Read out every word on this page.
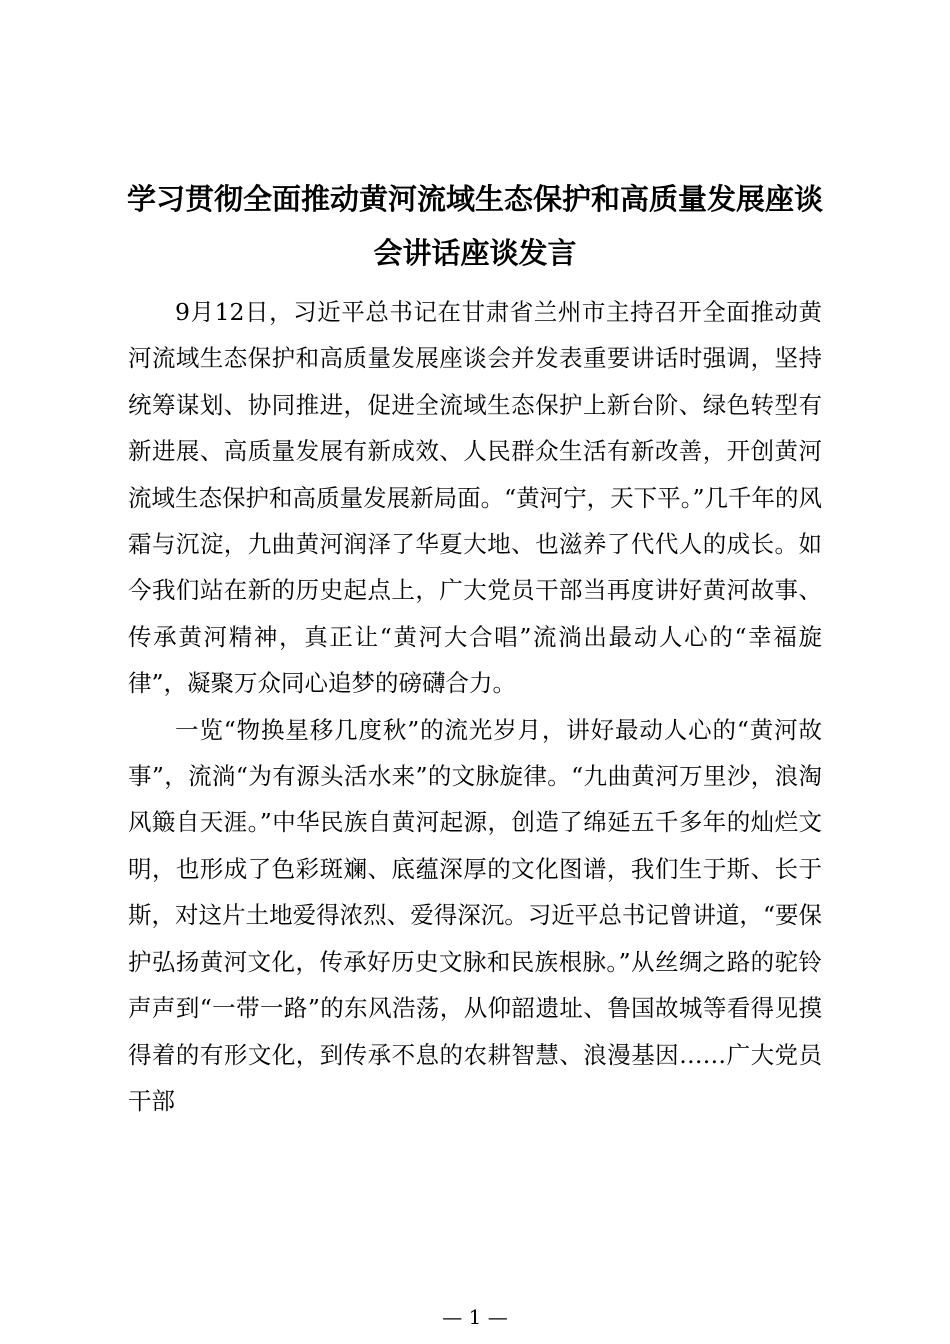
学习贯彻全面推动黄河流域生态保护和高质量发展座谈会讲话座谈发言

9月12日，习近平总书记在甘肃省兰州市主持召开全面推动黄河流域生态保护和高质量发展座谈会并发表重要讲话时强调，坚持统筹谋划、协同推进，促进全流域生态保护上新台阶、绿色转型有新进展、高质量发展有新成效、人民群众生活有新改善，开创黄河流域生态保护和高质量发展新局面。“黄河宁，天下平。”几千年的风霜与沉淀，九曲黄河润泽了华夏大地、也滋养了代代人的成长。如今我们站在新的历史起点上，广大党员干部当再度讲好黄河故事、传承黄河精神，真正让“黄河大合唱”流淌出最动人心的“幸福旋律”，凝聚万众同心追梦的磅礴合力。

一览“物换星移几度秋”的流光岁月，讲好最动人心的“黄河故事”，流淌“为有源头活水来”的文脉旋律。“九曲黄河万里沙，浪淘风簸自天涯。”中华民族自黄河起源，创造了绵延五千多年的灿烂文明，也形成了色彩斑斓、底蕴深厚的文化图谱，我们生于斯、长于斯，对这片土地爱得浓烈、爱得深沉。习近平总书记曾讲道，“要保护弘扬黄河文化，传承好历史文脉和民族根脉。”从丝绸之路的驼铃声声到“一带一路”的东风浩荡，从仰韶遗址、鲁国故城等看得见摸得着的有形文化，到传承不息的农耕智慧、浪漫基因……广大党员干部

— 1 —
